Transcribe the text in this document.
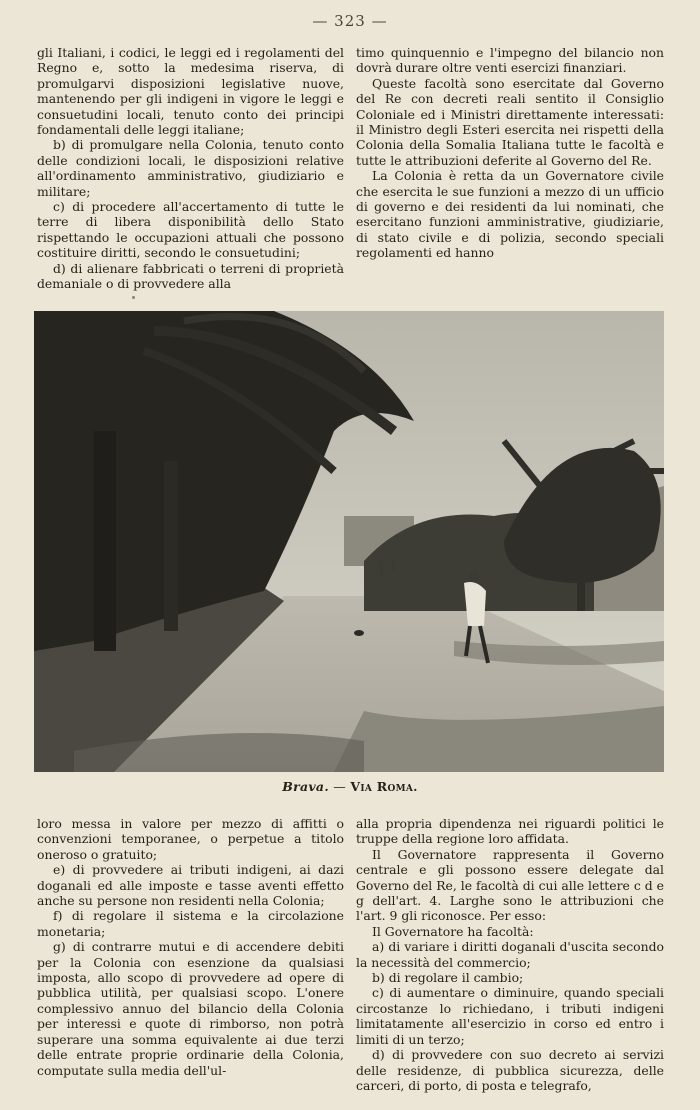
— 323 —

gli Italiani, i codici, le leggi ed i regolamenti del Regno e, sotto la medesima riserva, di promulgarvi disposizioni legislative nuove, mantenendo per gli indigeni in vigore le leggi e consuetudini locali, tenuto conto dei principi fondamentali delle leggi italiane;

b) di promulgare nella Colonia, tenuto conto delle condizioni locali, le disposizioni relative all'ordinamento amministrativo, giudiziario e militare;

c) di procedere all'accertamento di tutte le terre di libera disponibilità dello Stato rispettando le occupazioni attuali che possono costituire diritti, secondo le consuetudini;

d) di alienare fabbricati o terreni di proprietà demaniale o di provvedere alla

timo quinquennio e l'impegno del bilancio non dovrà durare oltre venti esercizi finanziari.

Queste facoltà sono esercitate dal Governo del Re con decreti reali sentito il Consiglio Coloniale ed i Ministri direttamente interessati: il Ministro degli Esteri esercita nei rispetti della Colonia della Somalia Italiana tutte le facoltà e tutte le attribuzioni deferite al Governo del Re.

La Colonia è retta da un Governatore civile che esercita le sue funzioni a mezzo di un ufficio di governo e dei residenti da lui nominati, che esercitano funzioni amministrative, giudiziarie, di stato civile e di polizia, secondo speciali regolamenti ed hanno

Brava. — Via Roma.

loro messa in valore per mezzo di affitti o convenzioni temporanee, o perpetue a titolo oneroso o gratuito;

e) di provvedere ai tributi indigeni, ai dazi doganali ed alle imposte e tasse aventi effetto anche su persone non residenti nella Colonia;

f) di regolare il sistema e la circolazione monetaria;

g) di contrarre mutui e di accendere debiti per la Colonia con esenzione da qualsiasi imposta, allo scopo di provvedere ad opere di pubblica utilità, per qualsiasi scopo. L'onere complessivo annuo del bilancio della Colonia per interessi e quote di rimborso, non potrà superare una somma equivalente ai due terzi delle entrate proprie ordinarie della Colonia, computate sulla media dell'ul-

alla propria dipendenza nei riguardi politici le truppe della regione loro affidata.

Il Governatore rappresenta il Governo centrale e gli possono essere delegate dal Governo del Re, le facoltà di cui alle lettere c d e g dell'art. 4. Larghe sono le attribuzioni che l'art. 9 gli riconosce. Per esso:

Il Governatore ha facoltà:

a) di variare i diritti doganali d'uscita secondo la necessità del commercio;

b) di regolare il cambio;

c) di aumentare o diminuire, quando speciali circostanze lo richiedano, i tributi indigeni limitatamente all'esercizio in corso ed entro i limiti di un terzo;

d) di provvedere con suo decreto ai servizi delle residenze, di pubblica sicurezza, delle carceri, di porto, di posta e telegrafo,
